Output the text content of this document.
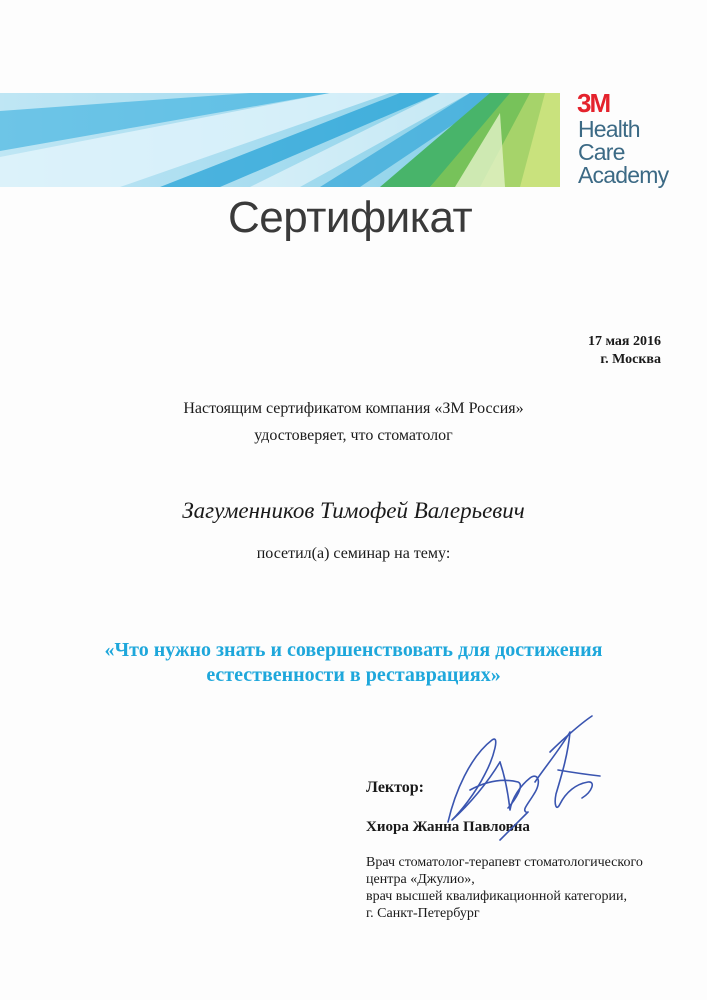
3M
Health
Care
Academy
Сертификат
17 мая 2016
г. Москва
Настоящим сертификатом компания «ЗМ Россия»
удостоверяет, что стоматолог
Загуменников Тимофей Валерьевич
посетил(а) семинар на тему:
«Что нужно знать и совершенствовать для достижения
естественности в реставрациях»
Лектор:
Хиора Жанна Павловна
Врач стоматолог-терапевт стоматологического
центра «Джулио»,
врач высшей квалификационной категории,
г. Санкт-Петербург
